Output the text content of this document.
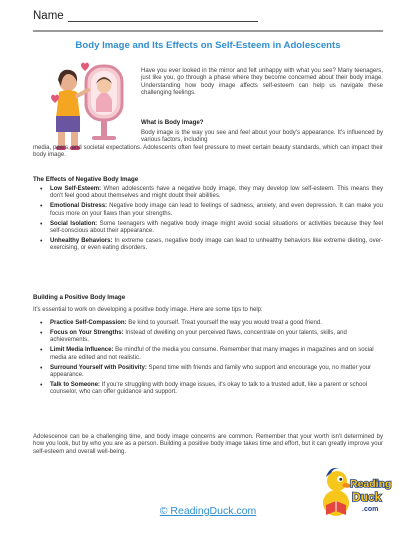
Name
Body Image and Its Effects on Self-Esteem in Adolescents

Have you ever looked in the mirror and felt unhappy with what you see? Many teenagers, just like you, go through a phase where they become concerned about their body image. Understanding how body image affects self-esteem can help us navigate these challenging feelings.

What is Body Image?

Body image is the way you see and feel about your body's appearance. It's influenced by various factors, including

media, peers, and societal expectations. Adolescents often feel pressure to meet certain beauty standards, which can impact their body image.

The Effects of Negative Body Image
• Low Self-Esteem: When adolescents have a negative body image, they may develop low self-esteem. This means they don't feel good about themselves and might doubt their abilities.
• Emotional Distress: Negative body image can lead to feelings of sadness, anxiety, and even depression. It can make you focus more on your flaws than your strengths.
• Social Isolation: Some teenagers with negative body image might avoid social situations or activities because they feel self-conscious about their appearance.
• Unhealthy Behaviors: In extreme cases, negative body image can lead to unhealthy behaviors like extreme dieting, over-exercising, or even eating disorders.
Building a Positive Body Image

It's essential to work on developing a positive body image. Here are some tips to help:

• Practice Self-Compassion: Be kind to yourself. Treat yourself the way you would treat a good friend.
• Focus on Your Strengths: Instead of dwelling on your perceived flaws, concentrate on your talents, skills, and achievements.
• Limit Media Influence: Be mindful of the media you consume. Remember that many images in magazines and on social media are edited and not realistic.
• Surround Yourself with Positivity: Spend time with friends and family who support and encourage you, no matter your appearance.
• Talk to Someone: If you're struggling with body image issues, it's okay to talk to a trusted adult, like a parent or school counselor, who can offer guidance and support.

Adolescence can be a challenging time, and body image concerns are common. Remember that your worth isn't determined by how you look, but by who you are as a person. Building a positive body image takes time and effort, but it can greatly improve your self-esteem and overall well-being.

© ReadingDuck.com
Reading
Duck
.com
